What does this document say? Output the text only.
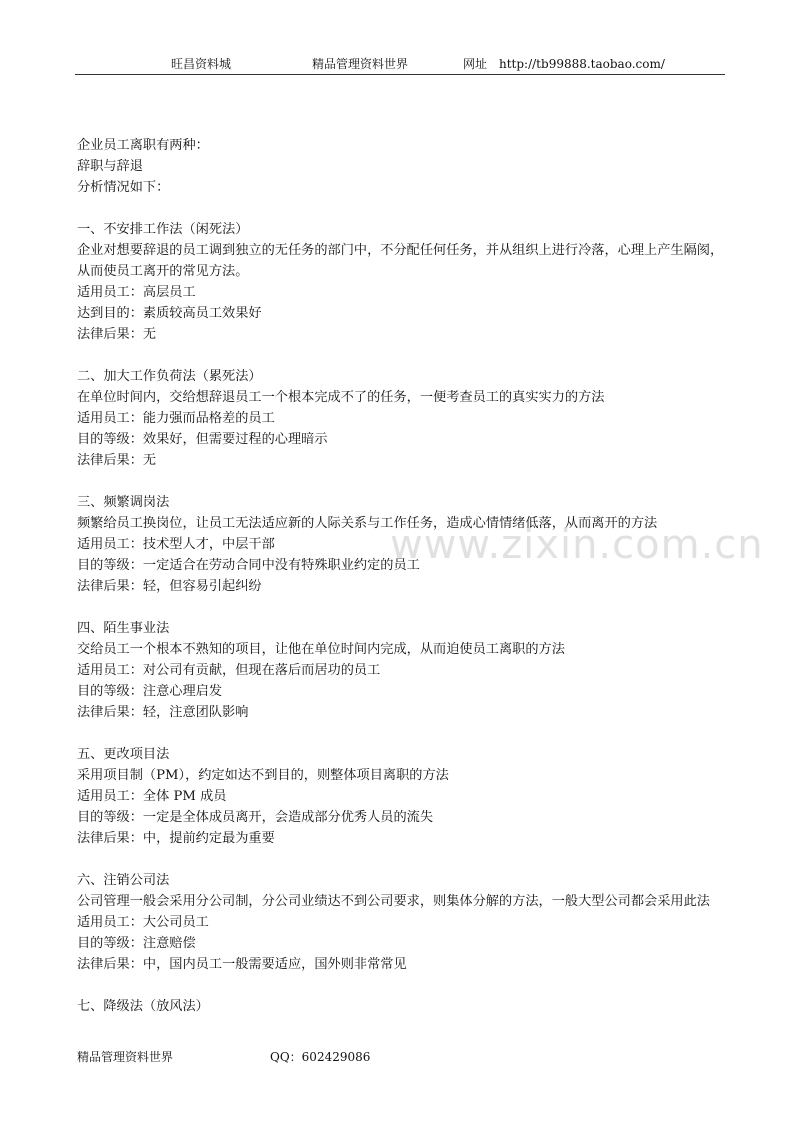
旺昌资料城	精品管理资料世界	网址　http://tb99888.taobao.com/
www.zixin.com.cn

企业员工离职有两种：

辞职与辞退

分析情况如下：

一、不安排工作法（闲死法）

企业对想要辞退的员工调到独立的无任务的部门中，不分配任何任务，并从组织上进行冷落，心理上产生隔阂，从而使员工离开的常见方法。

适用员工：高层员工

达到目的：素质较高员工效果好

法律后果：无

二、加大工作负荷法（累死法）

在单位时间内，交给想辞退员工一个根本完成不了的任务，一便考查员工的真实实力的方法

适用员工：能力强而品格差的员工

目的等级：效果好，但需要过程的心理暗示

法律后果：无

三、频繁调岗法

频繁给员工换岗位，让员工无法适应新的人际关系与工作任务，造成心情情绪低落，从而离开的方法

适用员工：技术型人才，中层干部

目的等级：一定适合在劳动合同中没有特殊职业约定的员工

法律后果：轻，但容易引起纠纷

四、陌生事业法

交给员工一个根本不熟知的项目，让他在单位时间内完成，从而迫使员工离职的方法

适用员工：对公司有贡献，但现在落后而居功的员工

目的等级：注意心理启发

法律后果：轻，注意团队影响

五、更改项目法

采用项目制（PM），约定如达不到目的，则整体项目离职的方法

适用员工：全体 PM 成员

目的等级：一定是全体成员离开，会造成部分优秀人员的流失

法律后果：中，提前约定最为重要

六、注销公司法

公司管理一般会采用分公司制，分公司业绩达不到公司要求，则集体分解的方法，一般大型公司都会采用此法

适用员工：大公司员工

目的等级：注意赔偿

法律后果：中，国内员工一般需要适应，国外则非常常见

七、降级法（放风法）

精品管理资料世界	QQ：602429086
